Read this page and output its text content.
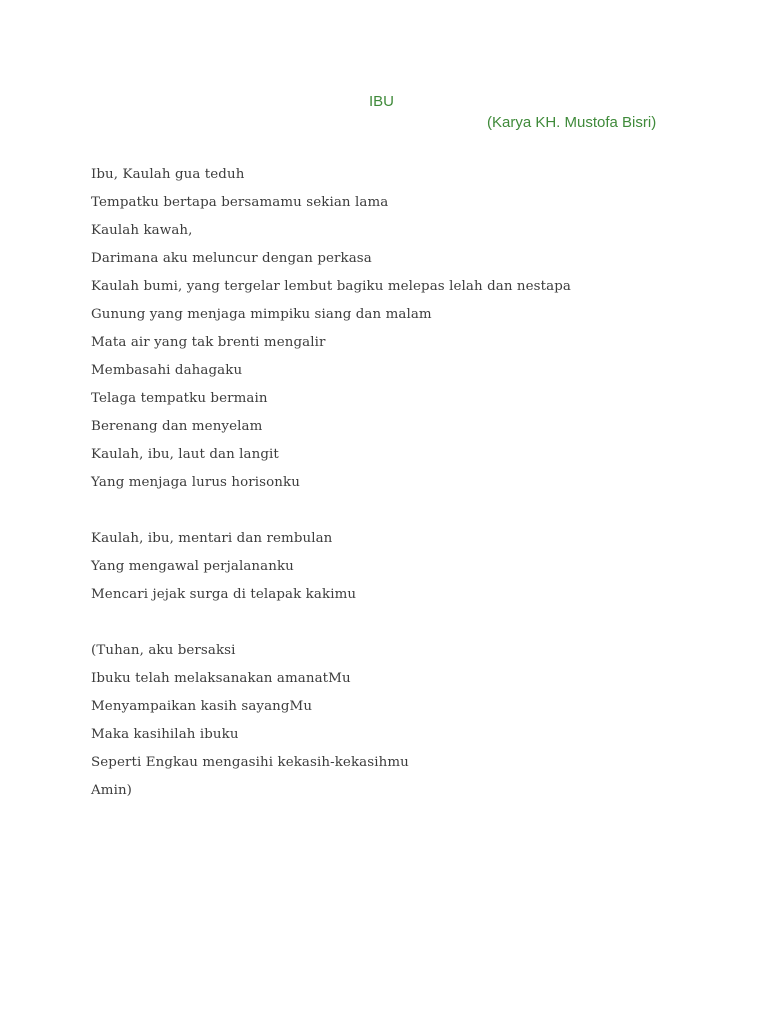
IBU

(Karya KH. Mustofa Bisri)

Ibu, Kaulah gua teduh
Tempatku bertapa bersamamu sekian lama
Kaulah kawah,
Darimana aku meluncur dengan perkasa
Kaulah bumi, yang tergelar lembut bagiku melepas lelah dan nestapa
Gunung yang menjaga mimpiku siang dan malam
Mata air yang tak brenti mengalir
Membasahi dahagaku
Telaga tempatku bermain
Berenang dan menyelam
Kaulah, ibu, laut dan langit
Yang menjaga lurus horisonku
Kaulah, ibu, mentari dan rembulan
Yang mengawal perjalananku
Mencari jejak surga di telapak kakimu
(Tuhan, aku bersaksi
Ibuku telah melaksanakan amanatMu
Menyampaikan kasih sayangMu
Maka kasihilah ibuku
Seperti Engkau mengasihi kekasih-kekasihmu
Amin)
